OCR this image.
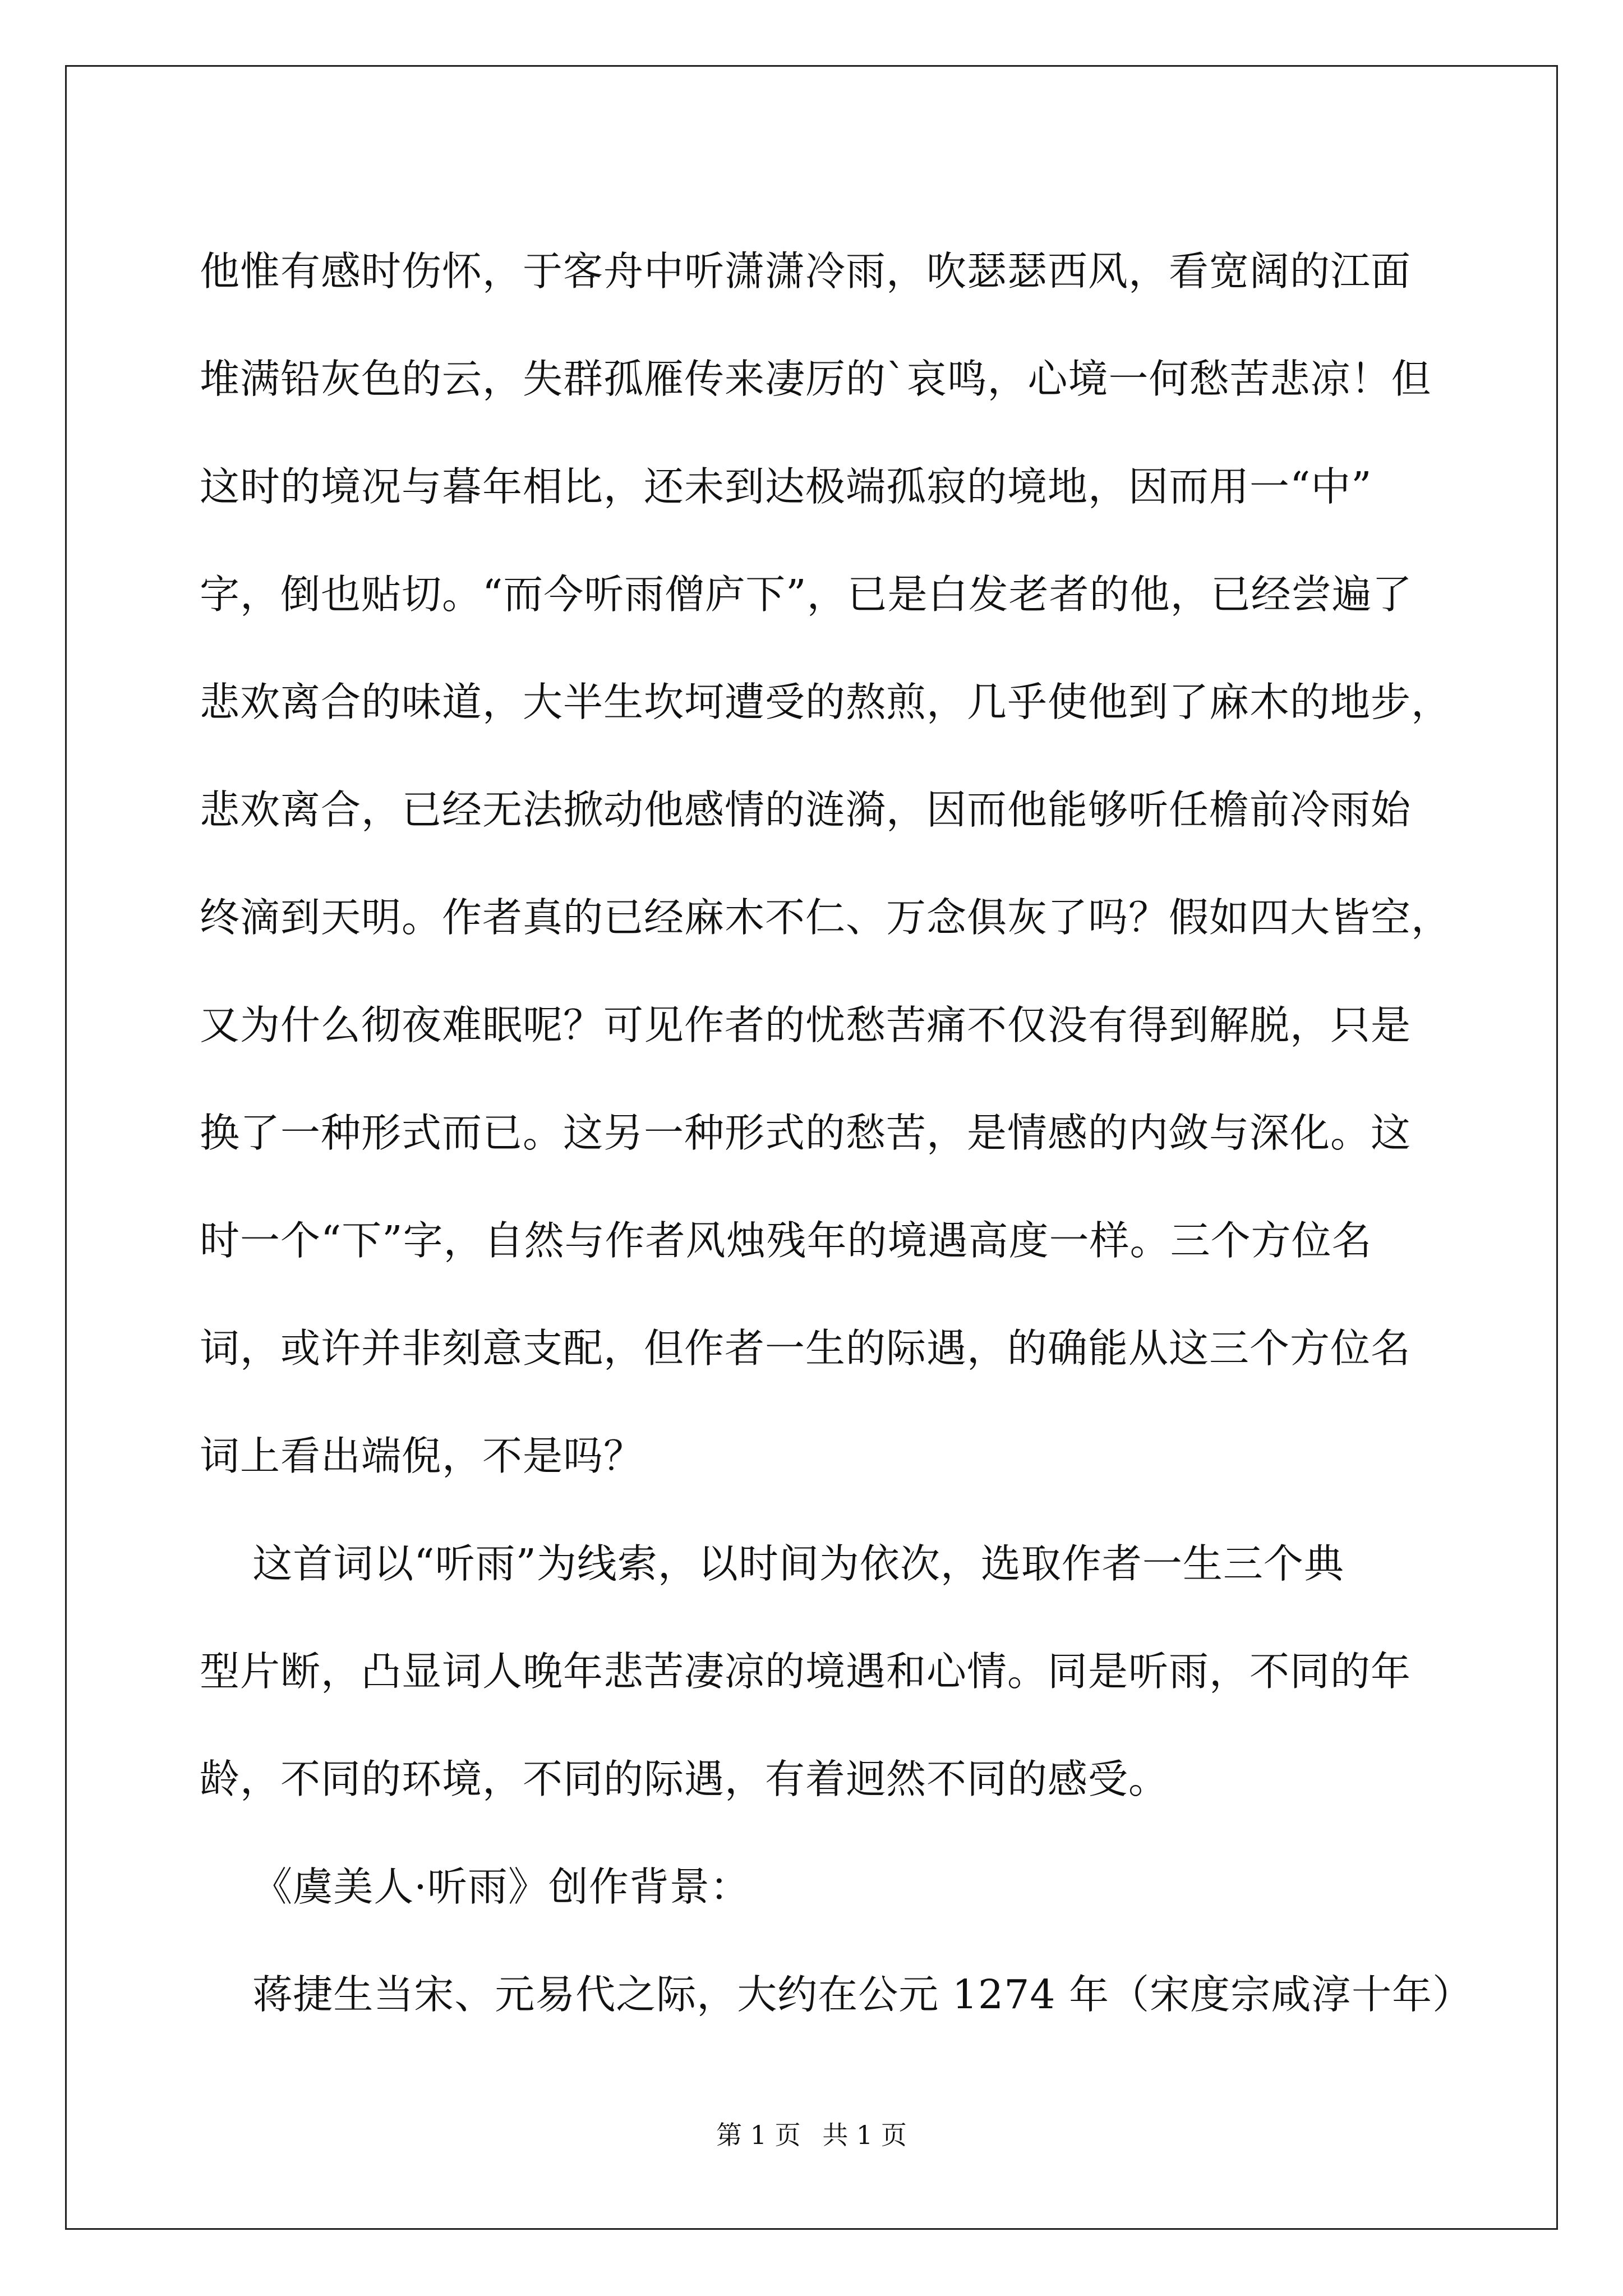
他惟有感时伤怀，于客舟中听潇潇冷雨，吹瑟瑟西风，看宽阔的江面
堆满铅灰色的云，失群孤雁传来凄厉的`哀鸣，心境一何愁苦悲凉！但
这时的境况与暮年相比，还未到达极端孤寂的境地，因而用一“中”
字，倒也贴切。“而今听雨僧庐下”，已是白发老者的他，已经尝遍了
悲欢离合的味道，大半生坎坷遭受的熬煎，几乎使他到了麻木的地步，
悲欢离合，已经无法掀动他感情的涟漪，因而他能够听任檐前冷雨始
终滴到天明。作者真的已经麻木不仁、万念俱灰了吗？假如四大皆空，
又为什么彻夜难眠呢？可见作者的忧愁苦痛不仅没有得到解脱，只是
换了一种形式而已。这另一种形式的愁苦，是情感的内敛与深化。这
时一个“下”字，自然与作者风烛残年的境遇高度一样。三个方位名
词，或许并非刻意支配，但作者一生的际遇，的确能从这三个方位名
词上看出端倪，不是吗？
这首词以“听雨”为线索，以时间为依次，选取作者一生三个典
型片断，凸显词人晚年悲苦凄凉的境遇和心情。同是听雨，不同的年
龄，不同的环境，不同的际遇，有着迥然不同的感受。
《虞美人·听雨》创作背景：
蒋捷生当宋、元易代之际，大约在公元 1274 年（宋度宗咸淳十年）
第 1 页 共 1 页
